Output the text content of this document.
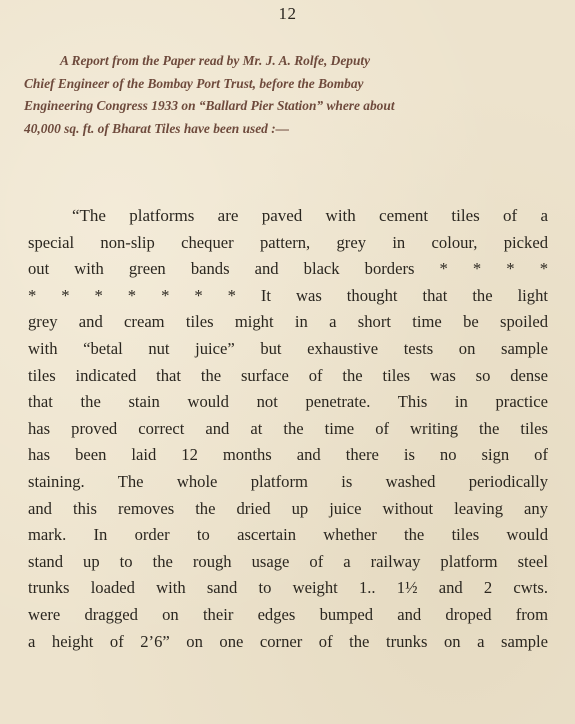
12
A Report from the Paper read by Mr. J. A. Rolfe, Deputy
Chief Engineer of the Bombay Port Trust, before the Bombay
Engineering Congress 1933 on “Ballard Pier Station” where about
40,000 sq. ft. of Bharat Tiles have been used :—
“The platforms are paved with cement tiles of a
special non-slip chequer pattern, grey in colour, picked
out with green bands and black borders * * * *
* * * * * * * It was thought that the light
grey and cream tiles might in a short time be spoiled
with “betal nut juice” but exhaustive tests on sample
tiles indicated that the surface of the tiles was so dense
that the stain would not penetrate. This in practice
has proved correct and at the time of writing the tiles
has been laid 12 months and there is no sign of
staining. The whole platform is washed periodically
and this removes the dried up juice without leaving any
mark. In order to ascertain whether the tiles would
stand up to the rough usage of a railway platform steel
trunks loaded with sand to weight 1.. 1½ and 2 cwts.
were dragged on their edges bumped and droped from
a height of 2’6” on one corner of the trunks on a sample
